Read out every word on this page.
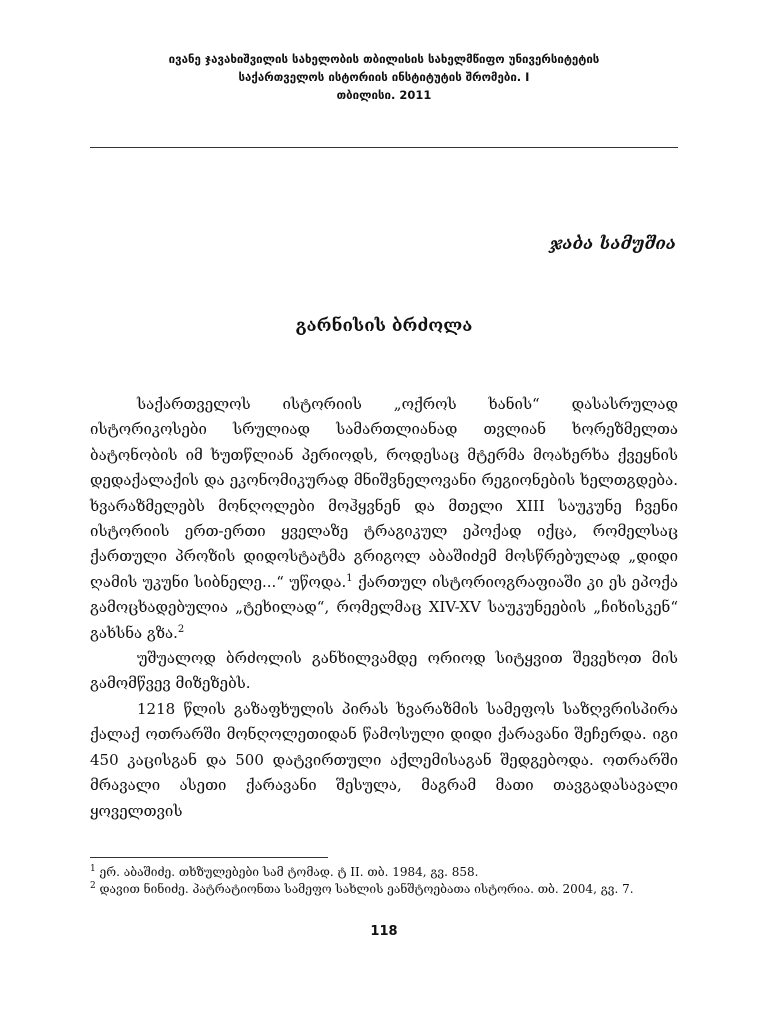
ივანე ჯავახიშვილის სახელობის თბილისის სახელმწიფო უნივერსიტეტის
საქართველოს ისტორიის ინსტიტუტის შრომები. I
თბილისი. 2011
ჯაბა სამუშია
გარნისის ბრძოლა

საქართველოს ისტორიის „ოქროს ხანის“ დასასრულად ისტორიკოსები სრულიად სამართლიანად თვლიან ხორეზმელთა ბატონობის იმ ხუთწლიან პერიოდს, როდესაც მტერმა მოახერხა ქვეყნის დედაქალაქის და ეკონომიკურად მნიშვნელოვანი რეგიონების ხელთგდება. ხვარაზმელებს მონღოლები მოჰყვნენ და მთელი XIII საუკუნე ჩვენი ისტორიის ერთ-ერთი ყველაზე ტრაგიკულ ეპოქად იქცა, რომელსაც ქართული პროზის დიდოსტატმა გრიგოლ აბაშიძემ მოსწრებულად „დიდი ღამის უკუნი სიბნელე...“ უწოდა.$^1$ ქართულ ისტორიოგრაფიაში კი ეს ეპოქა გამოცხადებულია „ტეხილად“, რომელმაც XIV-XV საუკუნეების „ჩიხისკენ“ გახსნა გზა.$^2$

უშუალოდ ბრძოლის განხილვამდე ორიოდ სიტყვით შევეხოთ მის გამომწვევ მიზეზებს.

1218 წლის გაზაფხულის პირას ხვარაზმის სამეფოს საზღვრისპირა ქალაქ ოთრარში მონღოლეთიდან წამოსული დიდი ქარავანი შეჩერდა. იგი 450 კაცისგან და 500 დატვირთული აქლემისაგან შედგებოდა. ოთრარში მრავალი ასეთი ქარავანი შესულა, მაგრამ მათი თავგადასავალი ყოველთვის

$^1$ ერ. აბაშიძე. თხზულებები სამ ტომად. ტ II. თბ. 1984, გვ. 858.

$^2$ დავით ნინიძე. პატრატიონთა სამეფო სახლის ეანშტოებათა ისტორია. თბ. 2004, გვ. 7.

118
